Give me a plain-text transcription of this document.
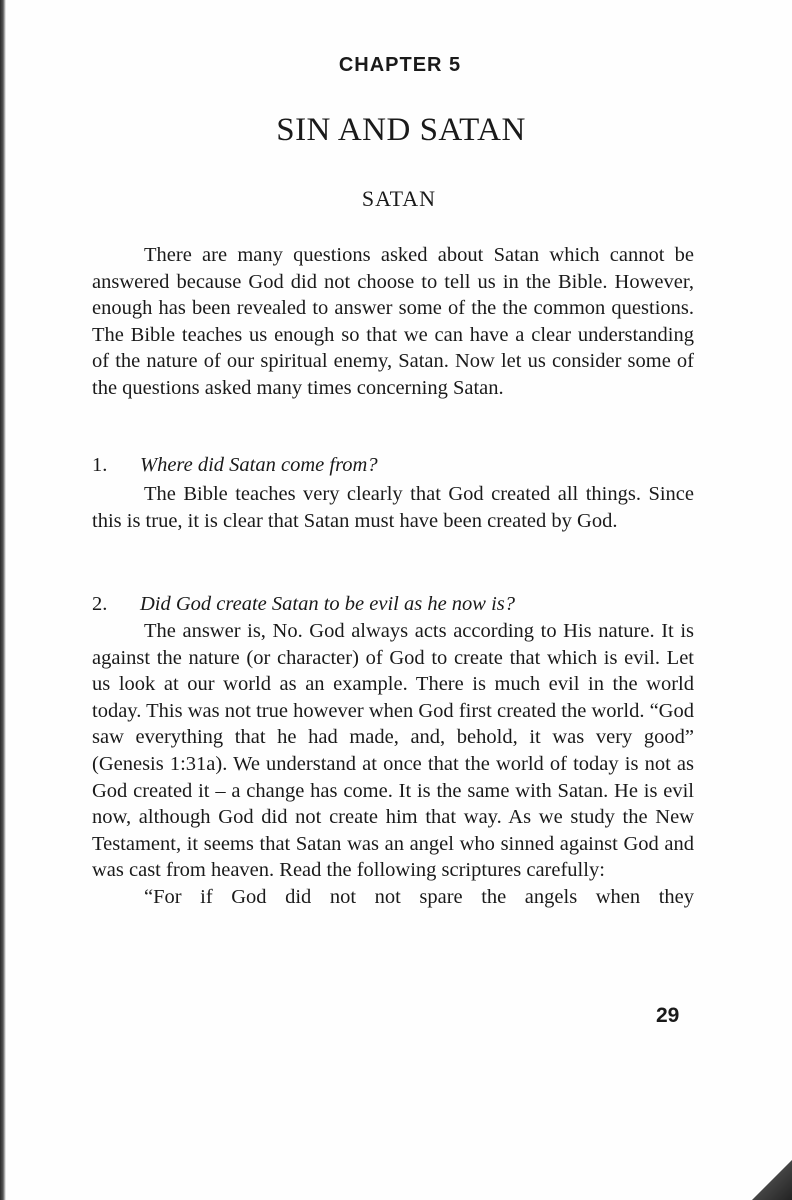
CHAPTER 5
SIN AND SATAN
SATAN

There are many questions asked about Satan which cannot be answered because God did not choose to tell us in the Bible. However, enough has been revealed to answer some of the the common questions. The Bible teaches us enough so that we can have a clear understanding of the nature of our spiritual enemy, Satan. Now let us consider some of the questions asked many times concerning Satan.

1. Where did Satan come from?

The Bible teaches very clearly that God created all things. Since this is true, it is clear that Satan must have been created by God.

2. Did God create Satan to be evil as he now is?

The answer is, No. God always acts according to His nature. It is against the nature (or character) of God to create that which is evil. Let us look at our world as an example. There is much evil in the world today. This was not true however when God first created the world. “God saw everything that he had made, and, behold, it was very good” (Genesis 1:31a). We understand at once that the world of today is not as God created it – a change has come. It is the same with Satan. He is evil now, although God did not create him that way. As we study the New Testament, it seems that Satan was an angel who sinned against God and was cast from heaven. Read the following scriptures carefully:
“For if God did not not spare the angels when they
29
